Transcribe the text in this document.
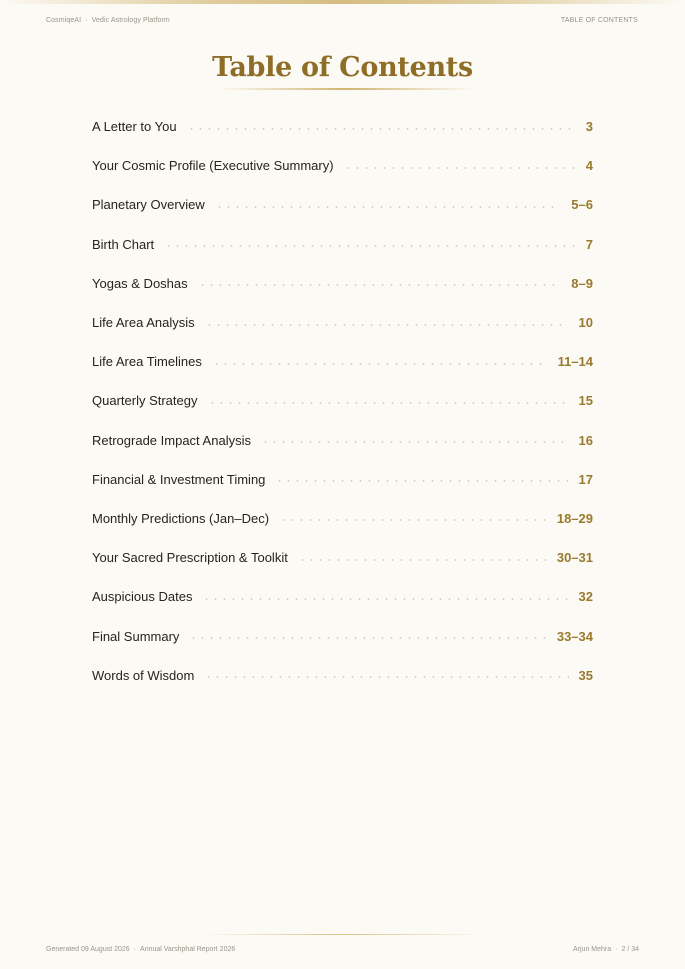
CosmiqeAI · Vedic Astrology Platform	TABLE OF CONTENTS
Table of Contents
A Letter to You	3
Your Cosmic Profile (Executive Summary)	4
Planetary Overview	5–6
Birth Chart	7
Yogas & Doshas	8–9
Life Area Analysis	10
Life Area Timelines	11–14
Quarterly Strategy	15
Retrograde Impact Analysis	16
Financial & Investment Timing	17
Monthly Predictions (Jan–Dec)	18–29
Your Sacred Prescription & Toolkit	30–31
Auspicious Dates	32
Final Summary	33–34
Words of Wisdom	35
Generated 09 August 2026 · Annual Varshphal Report 2026	Arjun Mehra · 2 / 34
